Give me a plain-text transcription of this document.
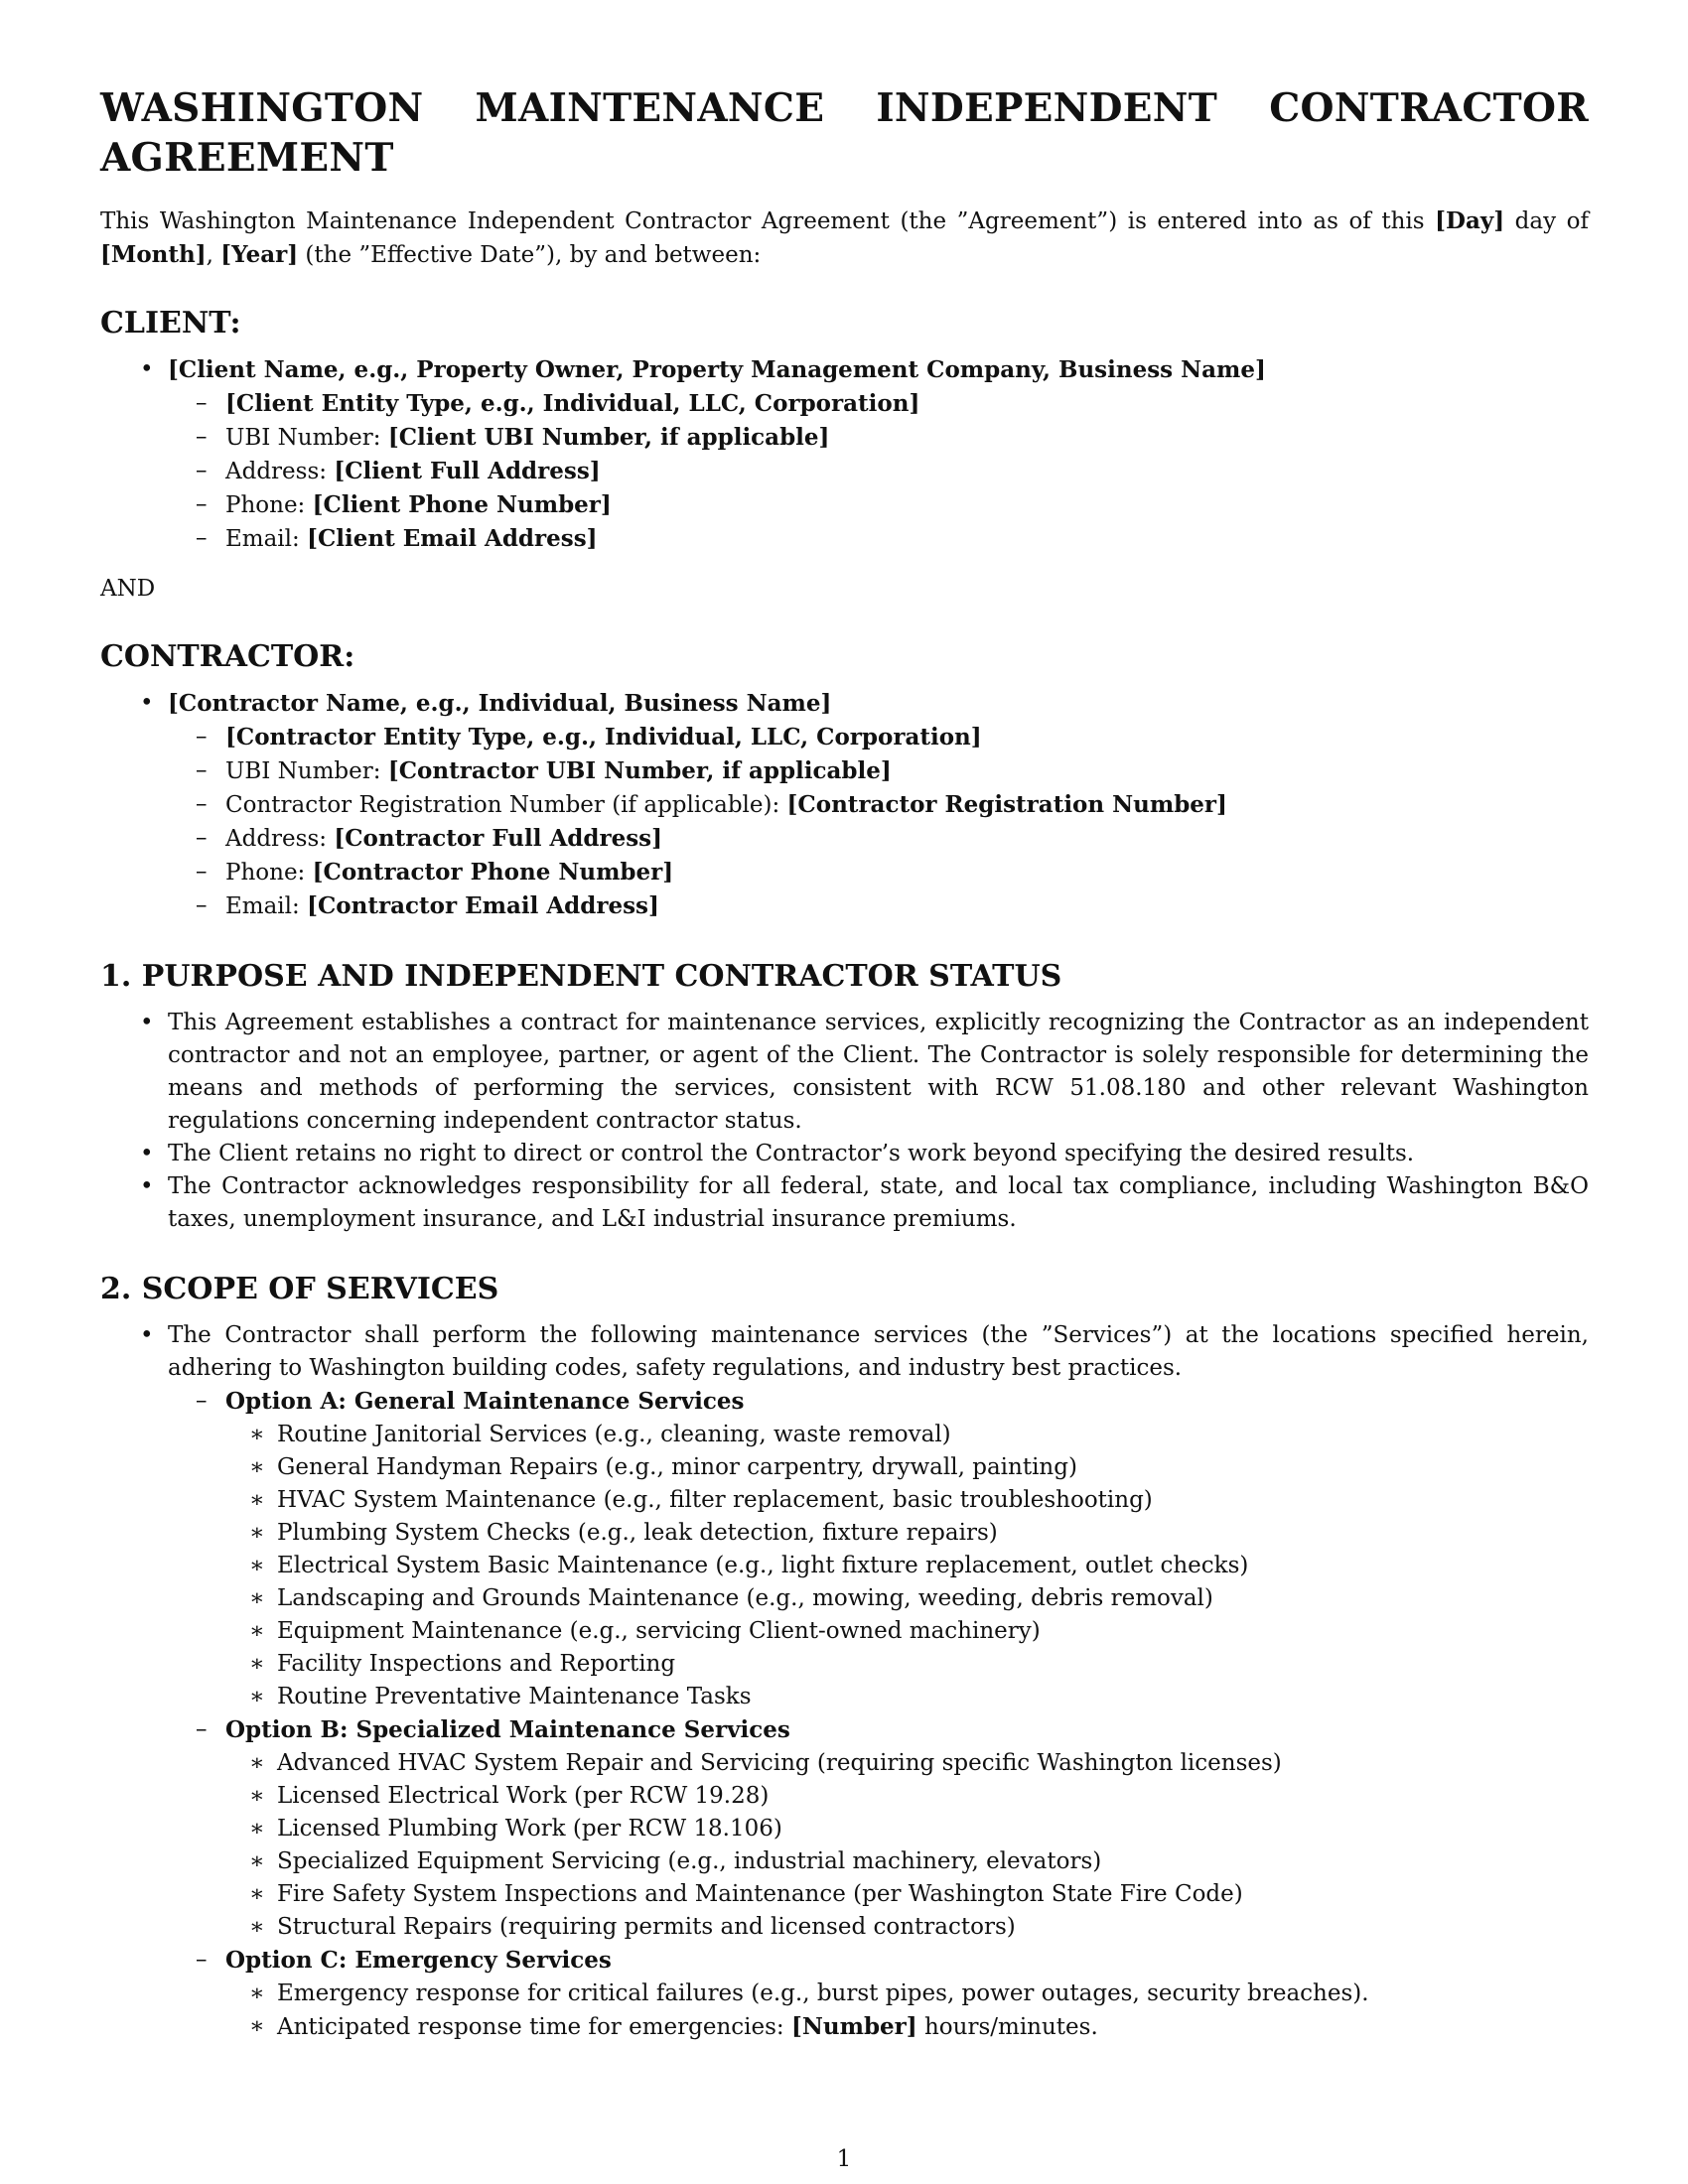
WASHINGTON MAINTENANCE INDEPENDENT CONTRACTOR AGREEMENT

This Washington Maintenance Independent Contractor Agreement (the ”Agreement”) is entered into as of this [Day] day of [Month], [Year] (the ”Effective Date”), by and between:

CLIENT:
• [Client Name, e.g., Property Owner, Property Management Company, Business Name]
– [Client Entity Type, e.g., Individual, LLC, Corporation]
– UBI Number: [Client UBI Number, if applicable]
– Address: [Client Full Address]
– Phone: [Client Phone Number]
– Email: [Client Email Address]

AND

CONTRACTOR:
• [Contractor Name, e.g., Individual, Business Name]
– [Contractor Entity Type, e.g., Individual, LLC, Corporation]
– UBI Number: [Contractor UBI Number, if applicable]
– Contractor Registration Number (if applicable): [Contractor Registration Number]
– Address: [Contractor Full Address]
– Phone: [Contractor Phone Number]
– Email: [Contractor Email Address]
1. PURPOSE AND INDEPENDENT CONTRACTOR STATUS
• This Agreement establishes a contract for maintenance services, explicitly recognizing the Contractor as an independent contractor and not an employee, partner, or agent of the Client. The Contractor is solely responsible for determining the means and methods of performing the services, consistent with RCW 51.08.180 and other relevant Washington regulations concerning independent contractor status.
• The Client retains no right to direct or control the Contractor’s work beyond specifying the desired results.
• The Contractor acknowledges responsibility for all federal, state, and local tax compliance, including Washington B&O taxes, unemployment insurance, and L&I industrial insurance premiums.
2. SCOPE OF SERVICES
• The Contractor shall perform the following maintenance services (the ”Services”) at the locations specified herein, adhering to Washington building codes, safety regulations, and industry best practices.
– Option A: General Maintenance Services
∗ Routine Janitorial Services (e.g., cleaning, waste removal)
∗ General Handyman Repairs (e.g., minor carpentry, drywall, painting)
∗ HVAC System Maintenance (e.g., filter replacement, basic troubleshooting)
∗ Plumbing System Checks (e.g., leak detection, fixture repairs)
∗ Electrical System Basic Maintenance (e.g., light fixture replacement, outlet checks)
∗ Landscaping and Grounds Maintenance (e.g., mowing, weeding, debris removal)
∗ Equipment Maintenance (e.g., servicing Client-owned machinery)
∗ Facility Inspections and Reporting
∗ Routine Preventative Maintenance Tasks
– Option B: Specialized Maintenance Services
∗ Advanced HVAC System Repair and Servicing (requiring specific Washington licenses)
∗ Licensed Electrical Work (per RCW 19.28)
∗ Licensed Plumbing Work (per RCW 18.106)
∗ Specialized Equipment Servicing (e.g., industrial machinery, elevators)
∗ Fire Safety System Inspections and Maintenance (per Washington State Fire Code)
∗ Structural Repairs (requiring permits and licensed contractors)
– Option C: Emergency Services
∗ Emergency response for critical failures (e.g., burst pipes, power outages, security breaches).
∗ Anticipated response time for emergencies: [Number] hours/minutes.
1
